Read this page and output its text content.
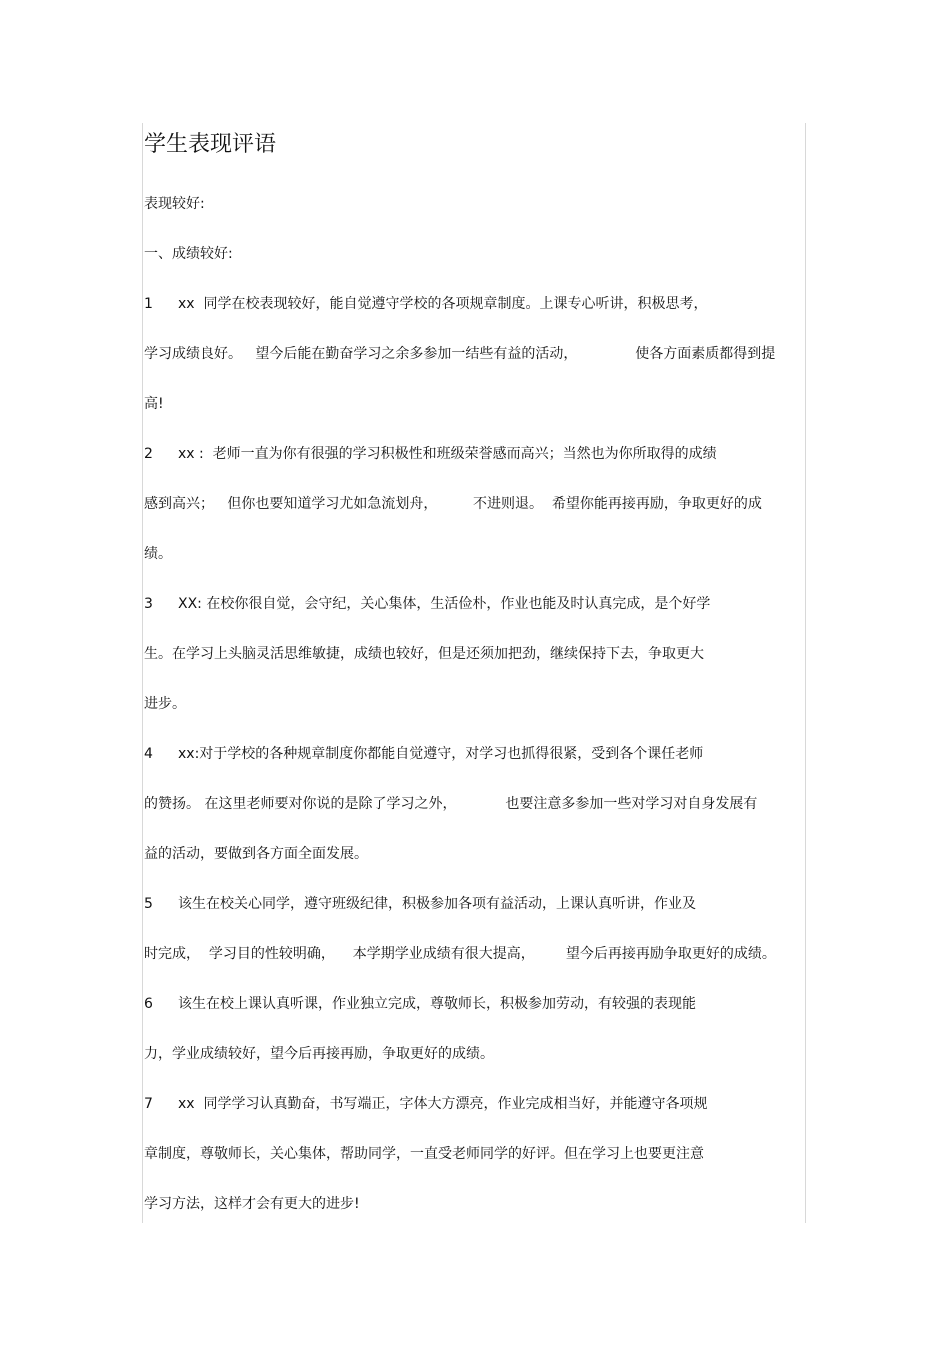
学生表现评语
表现较好:
一、成绩较好:
1 xx  同学在校表现较好，能自觉遵守学校的各项规章制度。上课专心听讲，积极思考，
学习成绩良好。   望今后能在勤奋学习之余多参加一结些有益的活动，             使各方面素质都得到提
高!
2 xx :  老师一直为你有很强的学习积极性和班级荣誉感而高兴；当然也为你所取得的成绩
感到高兴；   但你也要知道学习尤如急流划舟，        不进则退。  希望你能再接再励，争取更好的成
绩。
3 XX: 在校你很自觉，会守纪，关心集体，生活俭朴，作业也能及时认真完成，是个好学
生。在学习上头脑灵活思维敏捷，成绩也较好，但是还须加把劲，继续保持下去，争取更大
进步。
4 xx:对于学校的各种规章制度你都能自觉遵守，对学习也抓得很紧，受到各个课任老师
的赞扬。 在这里老师要对你说的是除了学习之外，           也要注意多参加一些对学习对自身发展有
益的活动，要做到各方面全面发展。
5 该生在校关心同学，遵守班级纪律，积极参加各项有益活动，上课认真听讲，作业及
时完成，  学习目的性较明确，    本学期学业成绩有很大提高，       望今后再接再励争取更好的成绩。
6 该生在校上课认真听课，作业独立完成，尊敬师长，积极参加劳动，有较强的表现能
力，学业成绩较好，望今后再接再励，争取更好的成绩。
7 xx  同学学习认真勤奋，书写端正，字体大方漂亮，作业完成相当好，并能遵守各项规
章制度，尊敬师长，关心集体，帮助同学，一直受老师同学的好评。但在学习上也要更注意
学习方法，这样才会有更大的进步!
